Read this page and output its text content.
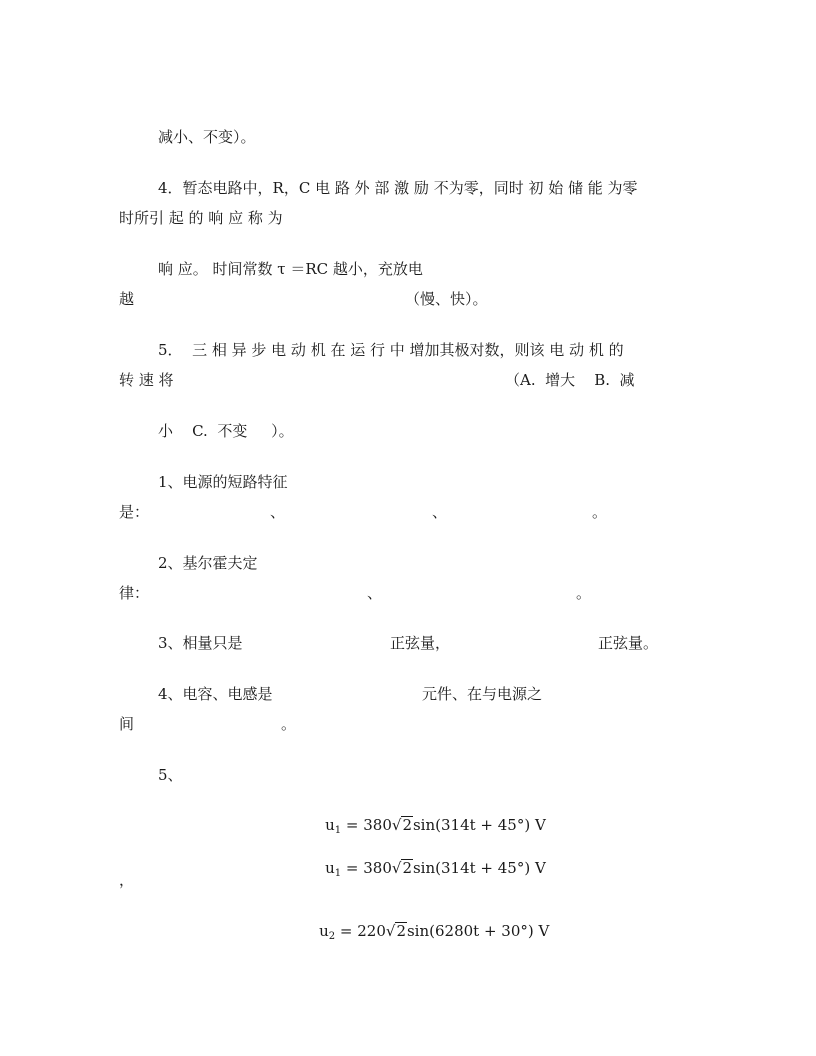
减小、不变）。
4．暂态电路中，R，C 电 路 外 部 激 励 不为零，同时 初 始 储 能 为零
时所引 起 的 响 应 称 为
响 应。 时间常数 τ ＝RC 越小，充放电
越	（慢、快）。
5．  三 相 异 步 电 动 机 在 运 行 中 增加其极对数，则该 电 动 机 的
转 速 将	（A.  增大    B.  减
小    C.  不变     ）。
1、电源的短路特征
是：	、	、	。
2、基尔霍夫定
律：	、	。
3、相量只是	正弦量，	正弦量。
4、电容、电感是	元件、在与电源之
间	。
5、

$u_1 = 380√2\sin(314t + 45^\circ)$ V

$u_1 = 380√2\sin(314t + 45^\circ)$ V

，

$u_2 = 220√2\sin(6280t + 30^\circ)$ V
